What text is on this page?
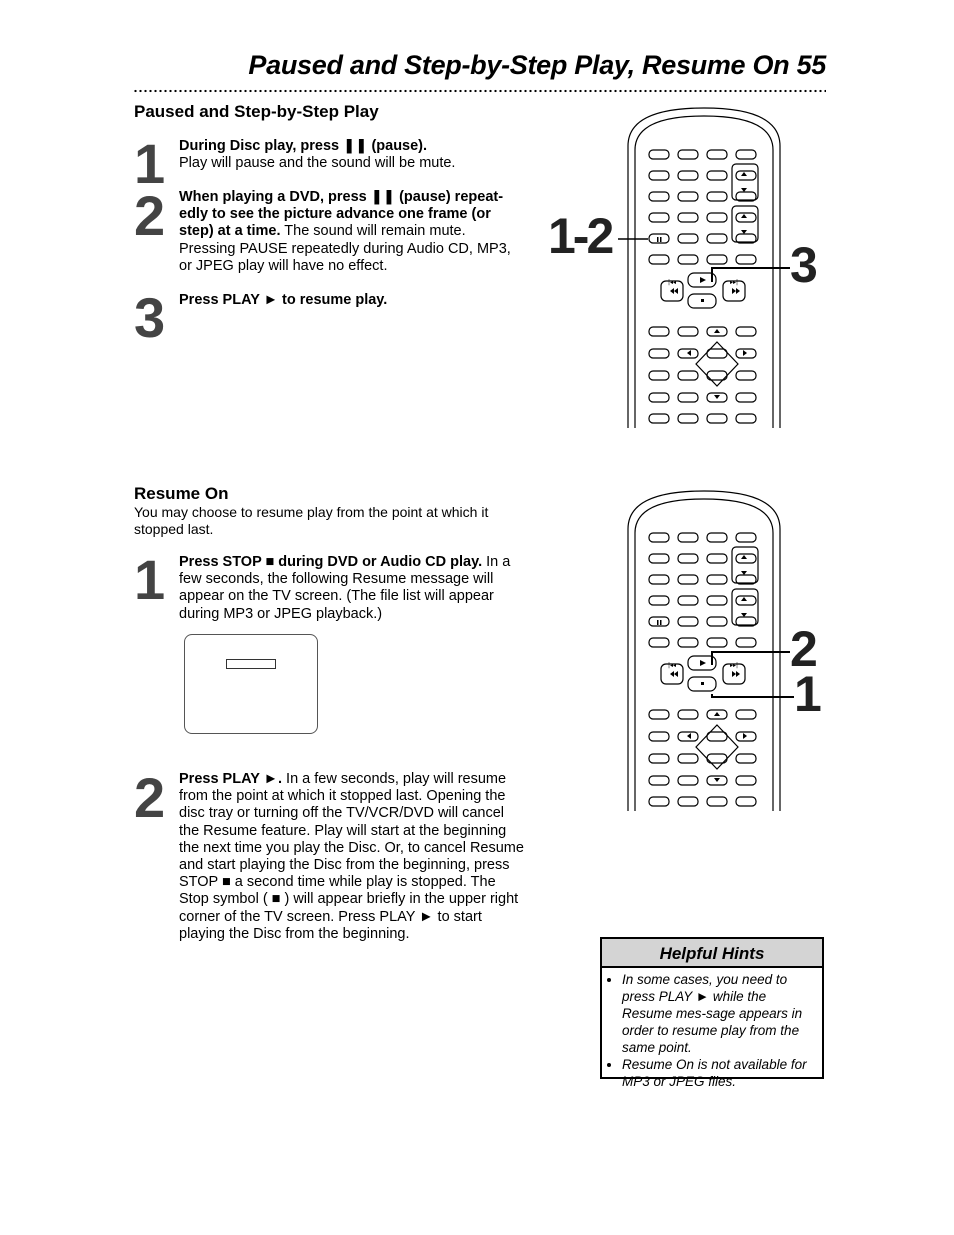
Paused and Step-by-Step Play, Resume On 55
Paused and Step-by-Step Play
1 During Disc play, press ❚❚ (pause).
Play will pause and the sound will be mute.
2 When playing a DVD, press ❚❚ (pause) repeat-edly to see the picture advance one frame (or step) at a time. The sound will remain mute. Pressing PAUSE repeatedly during Audio CD, MP3, or JPEG play will have no effect.
3 Press PLAY ► to resume play.
|◂◂	▸▸|
1-2
3
Resume On
You may choose to resume play from the point at which it stopped last.
1 Press STOP ■ during DVD or Audio CD play. In a few seconds, the following Resume message will appear on the TV screen. (The file list will appear during MP3 or JPEG playback.)
2 Press PLAY ►. In a few seconds, play will resume from the point at which it stopped last. Opening the disc tray or turning off the TV/VCR/DVD will cancel the Resume feature. Play will start at the beginning the next time you play the Disc. Or, to cancel Resume and start playing the Disc from the beginning, press STOP ■ a second time while play is stopped. The Stop symbol ( ■ ) will appear briefly in the upper right corner of the TV screen. Press PLAY ► to start playing the Disc from the beginning.
|◂◂	▸▸| 2
1
Helpful Hints
• In some cases, you need to press PLAY ► while the Resume mes-sage appears in order to resume play from the same point.
• Resume On is not available for MP3 or JPEG files.
